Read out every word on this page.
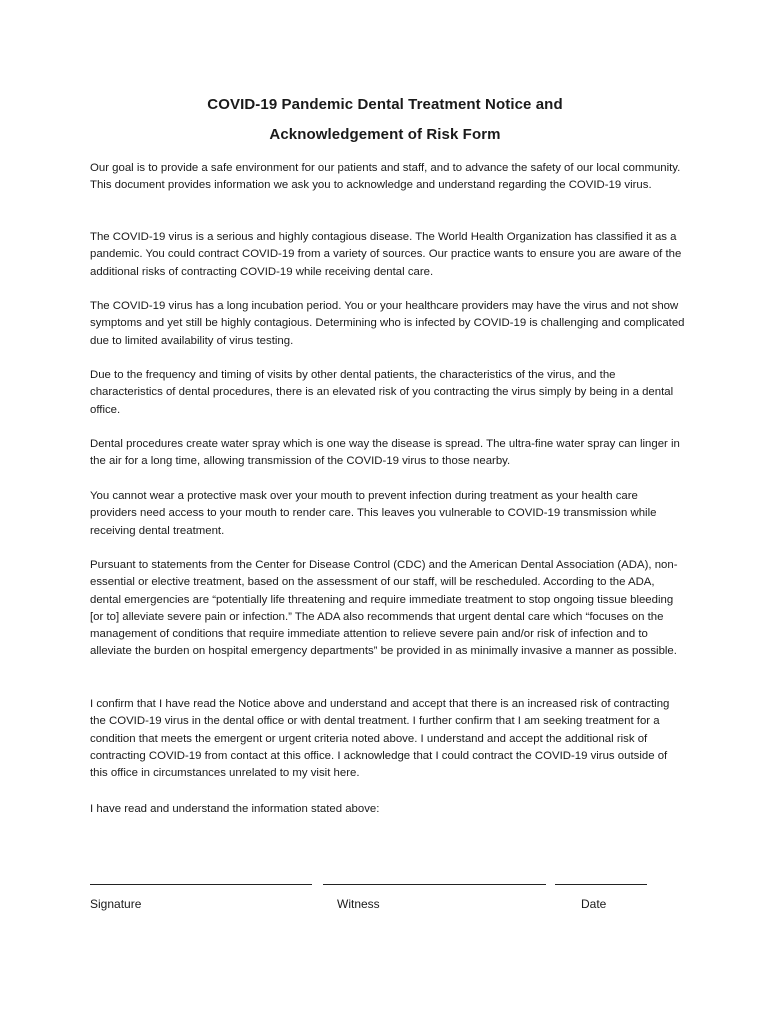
COVID-19 Pandemic Dental Treatment Notice and
Acknowledgement of Risk Form

Our goal is to provide a safe environment for our patients and staff, and to advance the safety of our local community. This document provides information we ask you to acknowledge and understand regarding the COVID-19 virus.

The COVID-19 virus is a serious and highly contagious disease. The World Health Organization has classified it as a pandemic. You could contract COVID-19 from a variety of sources. Our practice wants to ensure you are aware of the additional risks of contracting COVID-19 while receiving dental care.

The COVID-19 virus has a long incubation period. You or your healthcare providers may have the virus and not show symptoms and yet still be highly contagious. Determining who is infected by COVID-19 is challenging and complicated due to limited availability of virus testing.

Due to the frequency and timing of visits by other dental patients, the characteristics of the virus, and the characteristics of dental procedures, there is an elevated risk of you contracting the virus simply by being in a dental office.

Dental procedures create water spray which is one way the disease is spread. The ultra-fine water spray can linger in the air for a long time, allowing transmission of the COVID-19 virus to those nearby.

You cannot wear a protective mask over your mouth to prevent infection during treatment as your health care providers need access to your mouth to render care. This leaves you vulnerable to COVID-19 transmission while receiving dental treatment.

Pursuant to statements from the Center for Disease Control (CDC) and the American Dental Association (ADA), non-essential or elective treatment, based on the assessment of our staff, will be rescheduled. According to the ADA, dental emergencies are “potentially life threatening and require immediate treatment to stop ongoing tissue bleeding [or to] alleviate severe pain or infection.” The ADA also recommends that urgent dental care which “focuses on the management of conditions that require immediate attention to relieve severe pain and/or risk of infection and to alleviate the burden on hospital emergency departments” be provided in as minimally invasive a manner as possible.

I confirm that I have read the Notice above and understand and accept that there is an increased risk of contracting the COVID-19 virus in the dental office or with dental treatment. I further confirm that I am seeking treatment for a condition that meets the emergent or urgent criteria noted above. I understand and accept the additional risk of contracting COVID-19 from contact at this office. I acknowledge that I could contract the COVID-19 virus outside of this office in circumstances unrelated to my visit here.

I have read and understand the information stated above:

Signature	Witness	Date
